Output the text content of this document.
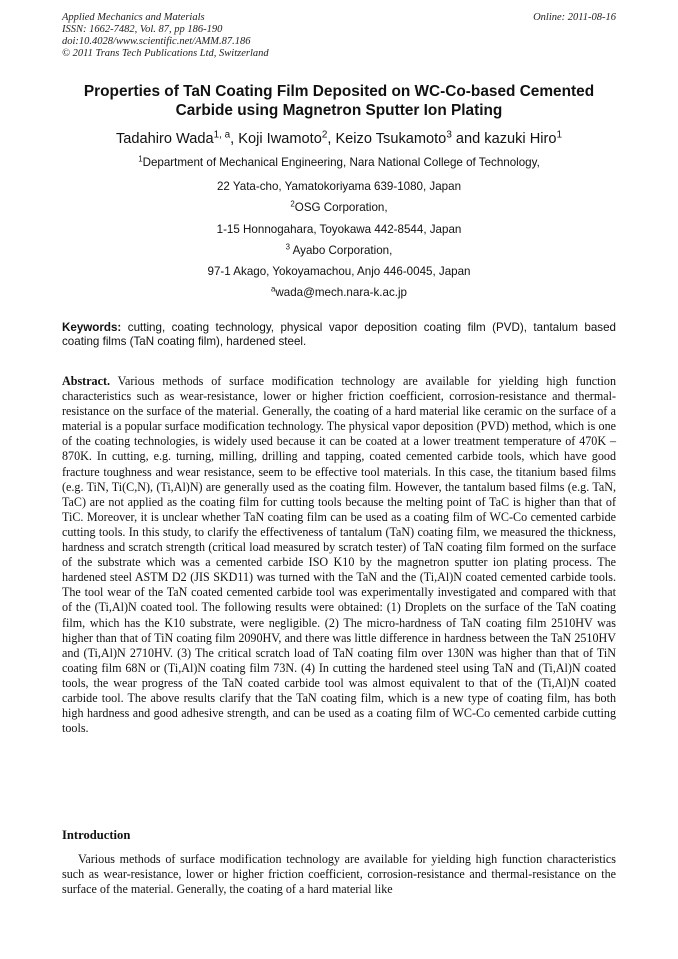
Applied Mechanics and Materials
ISSN: 1662-7482, Vol. 87, pp 186-190
doi:10.4028/www.scientific.net/AMM.87.186
© 2011 Trans Tech Publications Ltd, Switzerland
Online: 2011-08-16
Properties of TaN Coating Film Deposited on WC-Co-based Cemented Carbide using Magnetron Sputter Ion Plating
Tadahiro Wada$^{1, a}$, Koji Iwamoto$^2$, Keizo Tsukamoto$^3$ and kazuki Hiro$^1$
$^1$Department of Mechanical Engineering, Nara National College of Technology,
22 Yata-cho, Yamatokoriyama 639-1080, Japan
$^2$OSG Corporation,
1-15 Honnogahara, Toyokawa 442-8544, Japan
$^3$ Ayabo Corporation,
97-1 Akago, Yokoyamachou, Anjo 446-0045, Japan
$^a$wada@mech.nara-k.ac.jp
Keywords: cutting, coating technology, physical vapor deposition coating film (PVD), tantalum based coating films (TaN coating film), hardened steel.

Abstract. Various methods of surface modification technology are available for yielding high function characteristics such as wear-resistance, lower or higher friction coefficient, corrosion-resistance and thermal-resistance on the surface of the material. Generally, the coating of a hard material like ceramic on the surface of a material is a popular surface modification technology. The physical vapor deposition (PVD) method, which is one of the coating technologies, is widely used because it can be coated at a lower treatment temperature of 470K – 870K. In cutting, e.g. turning, milling, drilling and tapping, coated cemented carbide tools, which have good fracture toughness and wear resistance, seem to be effective tool materials. In this case, the titanium based films (e.g. TiN, Ti(C,N), (Ti,Al)N) are generally used as the coating film. However, the tantalum based films (e.g. TaN, TaC) are not applied as the coating film for cutting tools because the melting point of TaC is higher than that of TiC. Moreover, it is unclear whether TaN coating film can be used as a coating film of WC-Co cemented carbide cutting tools. In this study, to clarify the effectiveness of tantalum (TaN) coating film, we measured the thickness, hardness and scratch strength (critical load measured by scratch tester) of TaN coating film formed on the surface of the substrate which was a cemented carbide ISO K10 by the magnetron sputter ion plating process. The hardened steel ASTM D2 (JIS SKD11) was turned with the TaN and the (Ti,Al)N coated cemented carbide tools. The tool wear of the TaN coated cemented carbide tool was experimentally investigated and compared with that of the (Ti,Al)N coated tool. The following results were obtained: (1) Droplets on the surface of the TaN coating film, which has the K10 substrate, were negligible. (2) The micro-hardness of TaN coating film 2510HV was higher than that of TiN coating film 2090HV, and there was little difference in hardness between the TaN 2510HV and (Ti,Al)N 2710HV. (3) The critical scratch load of TaN coating film over 130N was higher than that of TiN coating film 68N or (Ti,Al)N coating film 73N. (4) In cutting the hardened steel using TaN and (Ti,Al)N coated tools, the wear progress of the TaN coated carbide tool was almost equivalent to that of the (Ti,Al)N coated carbide tool. The above results clarify that the TaN coating film, which is a new type of coating film, has both high hardness and good adhesive strength, and can be used as a coating film of WC-Co cemented carbide cutting tools.

Introduction

Various methods of surface modification technology are available for yielding high function characteristics such as wear-resistance, lower or higher friction coefficient, corrosion-resistance and thermal-resistance on the surface of the material. Generally, the coating of a hard material like
